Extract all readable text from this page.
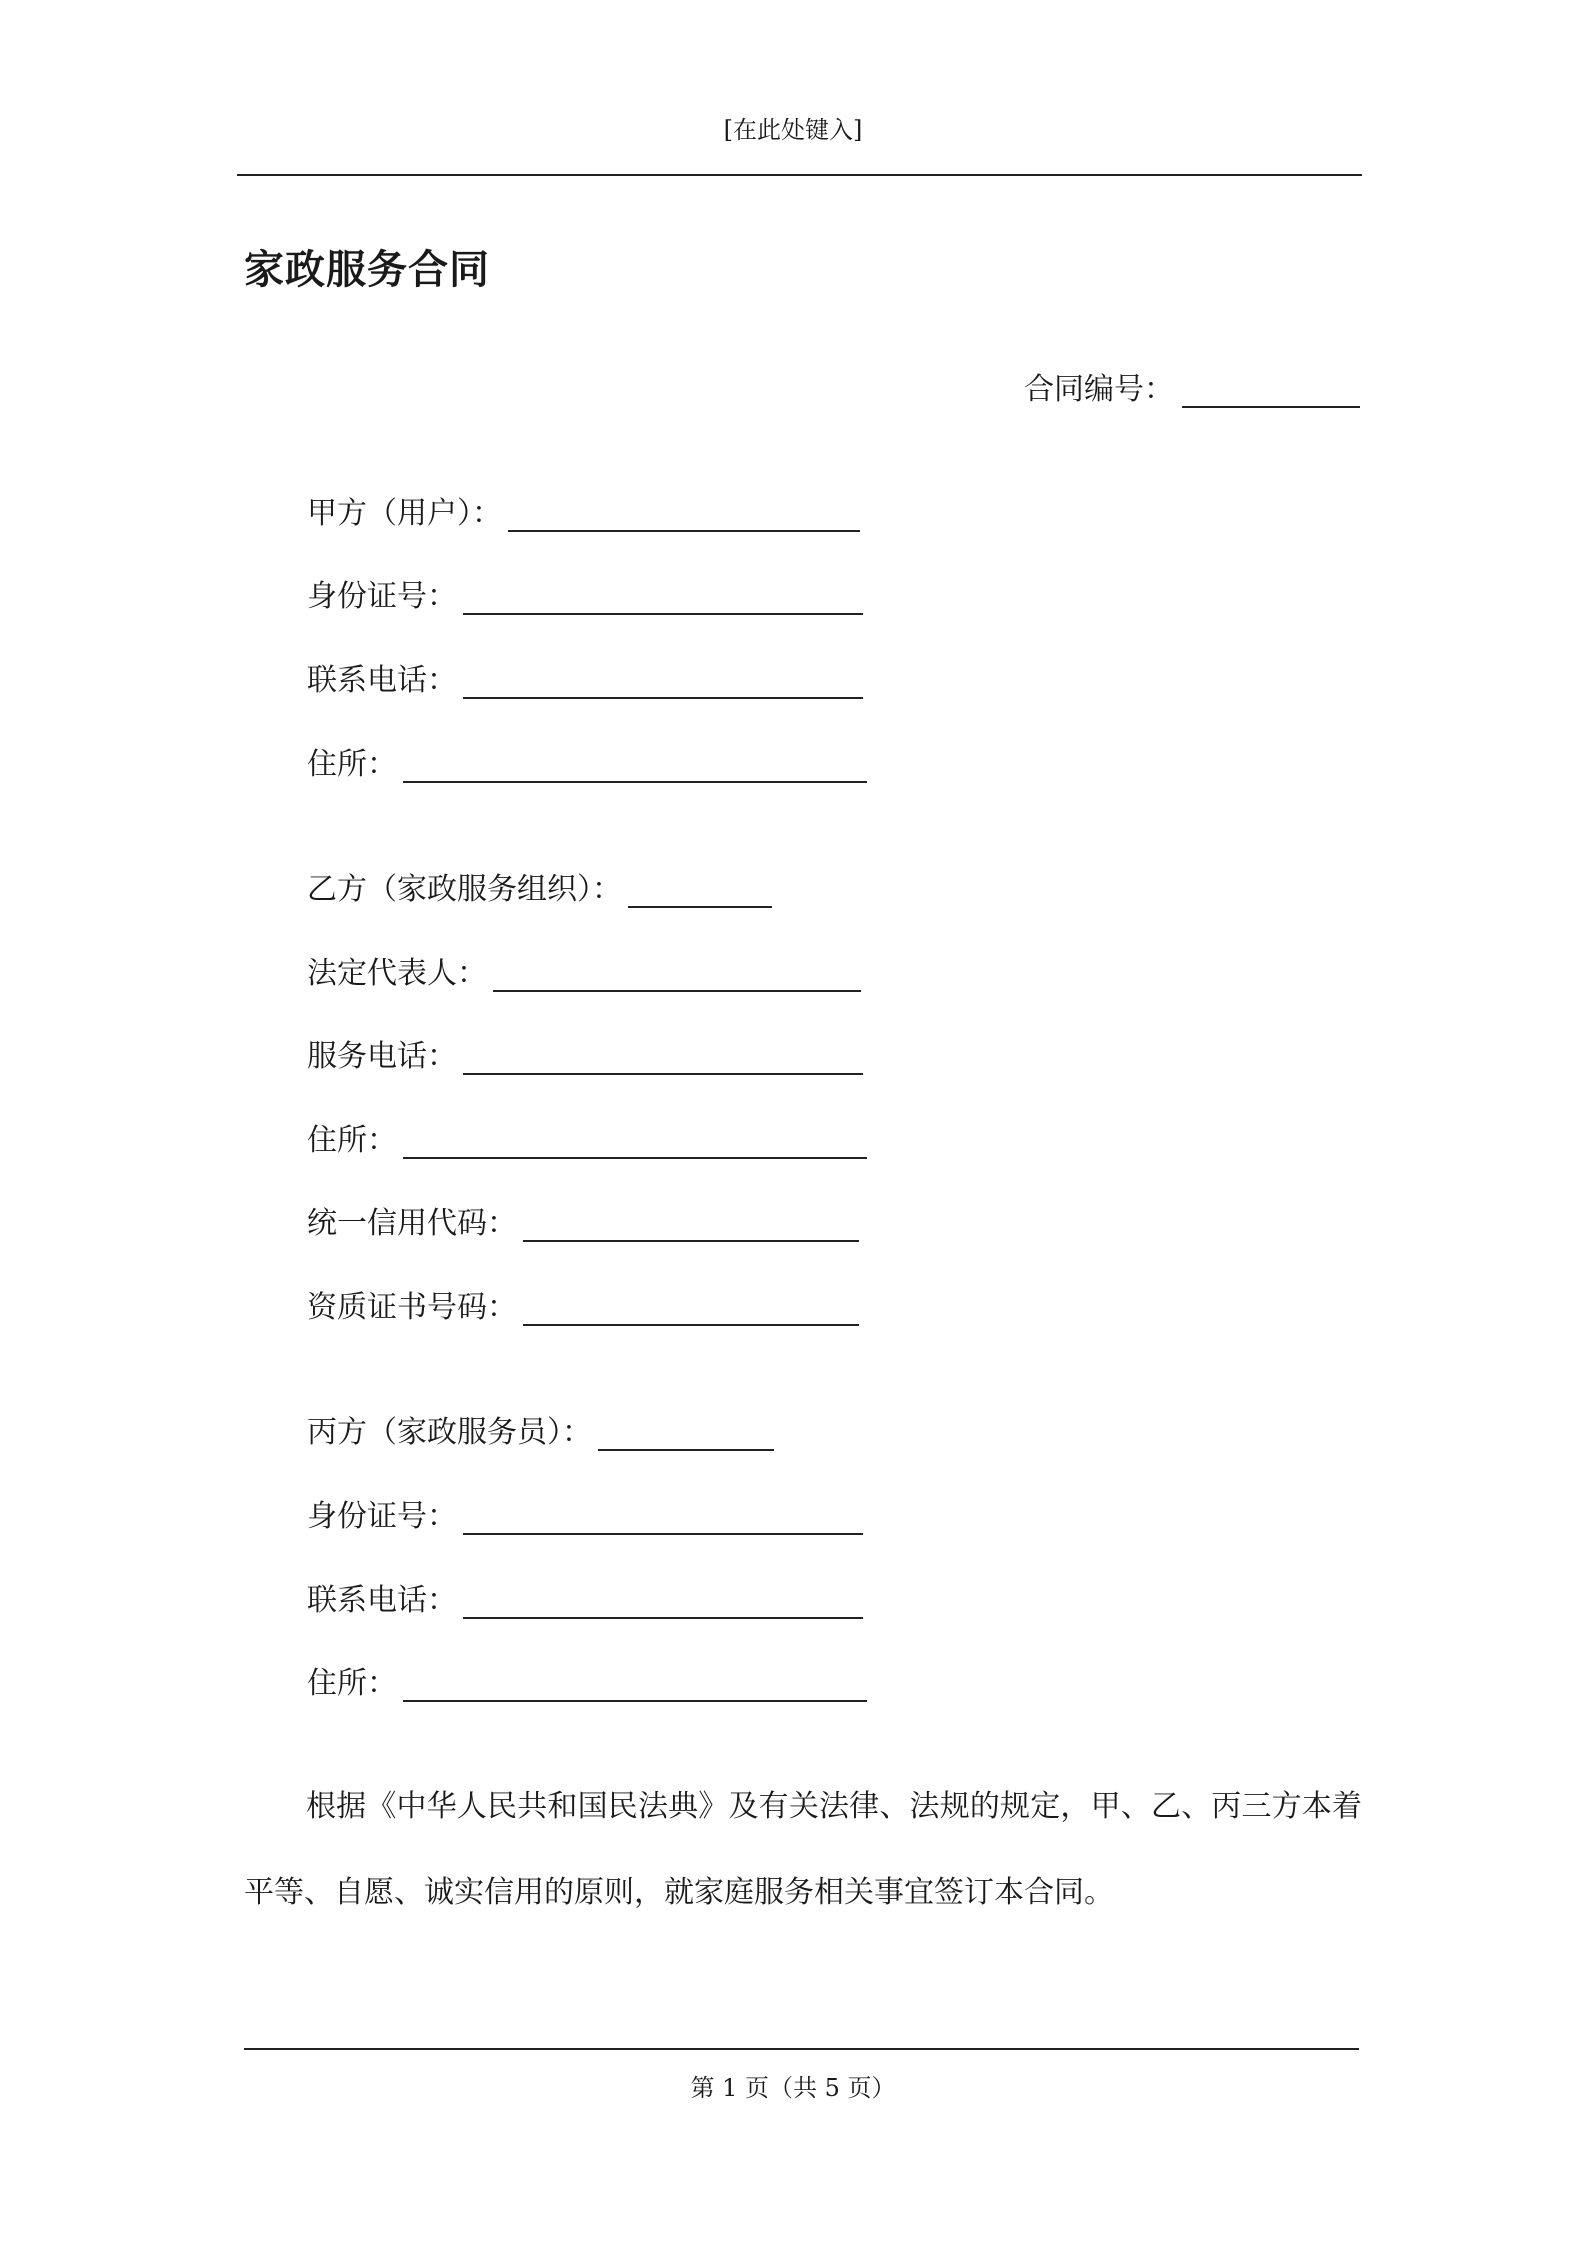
[在此处键入]
家政服务合同
合同编号：
甲方（用户）：
身份证号：
联系电话：
住所：
乙方（家政服务组织）：
法定代表人：
服务电话：
住所：
统一信用代码：
资质证书号码：
丙方（家政服务员）：
身份证号：
联系电话：
住所：

根据《中华人民共和国民法典》及有关法律、法规的规定，甲、乙、丙三方本着平等、自愿、诚实信用的原则，就家庭服务相关事宜签订本合同。

第 1 页（共 5 页）
